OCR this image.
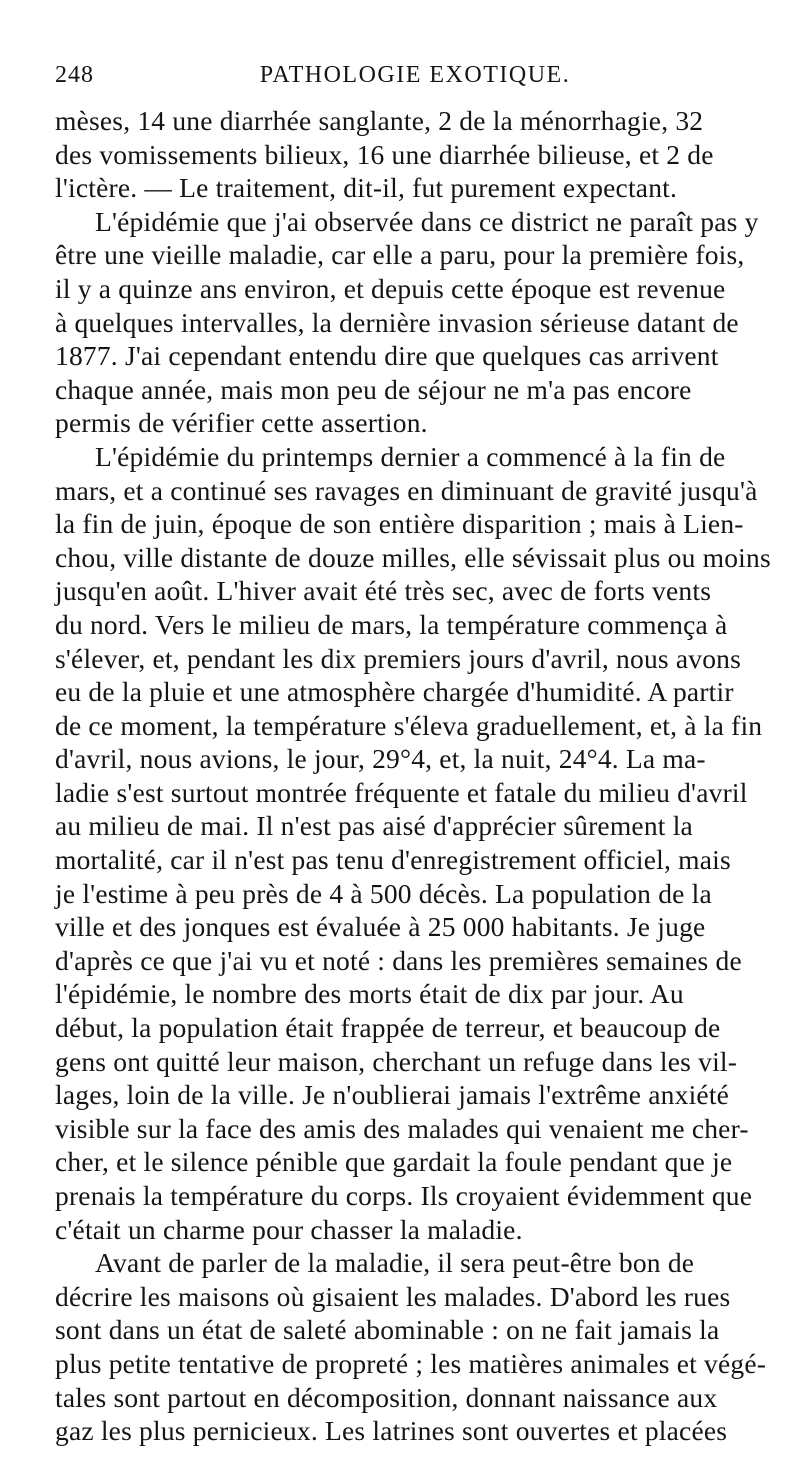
248	PATHOLOGIE EXOTIQUE.
mèses, 14 une diarrhée sanglante, 2 de la ménorrhagie, 32
des vomissements bilieux, 16 une diarrhée bilieuse, et 2 de
l'ictère. — Le traitement, dit-il, fut purement expectant.
L'épidémie que j'ai observée dans ce district ne paraît pas y
être une vieille maladie, car elle a paru, pour la première fois,
il y a quinze ans environ, et depuis cette époque est revenue
à quelques intervalles, la dernière invasion sérieuse datant de
1877. J'ai cependant entendu dire que quelques cas arrivent
chaque année, mais mon peu de séjour ne m'a pas encore
permis de vérifier cette assertion.
L'épidémie du printemps dernier a commencé à la fin de
mars, et a continué ses ravages en diminuant de gravité jusqu'à
la fin de juin, époque de son entière disparition ; mais à Lien-
chou, ville distante de douze milles, elle sévissait plus ou moins
jusqu'en août. L'hiver avait été très sec, avec de forts vents
du nord. Vers le milieu de mars, la température commença à
s'élever, et, pendant les dix premiers jours d'avril, nous avons
eu de la pluie et une atmosphère chargée d'humidité. A partir
de ce moment, la température s'éleva graduellement, et, à la fin
d'avril, nous avions, le jour, 29°4, et, la nuit, 24°4. La ma-
ladie s'est surtout montrée fréquente et fatale du milieu d'avril
au milieu de mai. Il n'est pas aisé d'apprécier sûrement la
mortalité, car il n'est pas tenu d'enregistrement officiel, mais
je l'estime à peu près de 4 à 500 décès. La population de la
ville et des jonques est évaluée à 25 000 habitants. Je juge
d'après ce que j'ai vu et noté : dans les premières semaines de
l'épidémie, le nombre des morts était de dix par jour. Au
début, la population était frappée de terreur, et beaucoup de
gens ont quitté leur maison, cherchant un refuge dans les vil-
lages, loin de la ville. Je n'oublierai jamais l'extrême anxiété
visible sur la face des amis des malades qui venaient me cher-
cher, et le silence pénible que gardait la foule pendant que je
prenais la température du corps. Ils croyaient évidemment que
c'était un charme pour chasser la maladie.
Avant de parler de la maladie, il sera peut-être bon de
décrire les maisons où gisaient les malades. D'abord les rues
sont dans un état de saleté abominable : on ne fait jamais la
plus petite tentative de propreté ; les matières animales et végé-
tales sont partout en décomposition, donnant naissance aux
gaz les plus pernicieux. Les latrines sont ouvertes et placées
